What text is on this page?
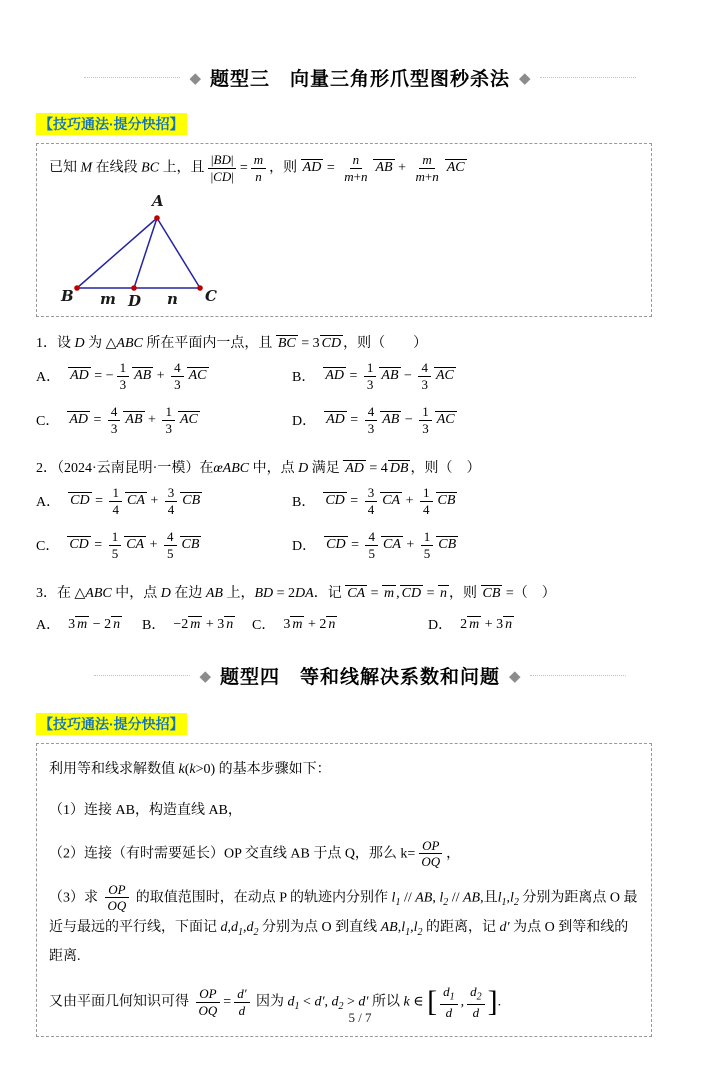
◆ 题型三　向量三角形爪型图秒杀法 ◆
【技巧通法·提分快招】
已知 M 在线段 BC 上，且 $\frac{|BD|}{|CD|} = \frac{m}{n}$ ，则 AD = $\frac{n}{m+n}$ AB + $\frac{m}{m+n}$ AC
A
B	C
D
m	n
1．设 D 为 △ABC 所在平面内一点，且 BC = 3 CD ，则（　　）
A． AD = − $\frac{1}{3}$ AB + $\frac{4}{3}$ AC	B． AD = $\frac{1}{3}$ AB − $\frac{4}{3}$ AC
C． AD = $\frac{4}{3}$ AB + $\frac{1}{3}$ AC	D． AD = $\frac{4}{3}$ AB − $\frac{1}{3}$ AC
2．（2024·云南昆明·一模）在œABC 中，点 D 满足 AD = 4 DB ，则（　）
A． CD = $\frac{1}{4}$ CA + $\frac{3}{4}$ CB	B． CD = $\frac{3}{4}$ CA + $\frac{1}{4}$ CB
C． CD = $\frac{1}{5}$ CA + $\frac{4}{5}$ CB	D． CD = $\frac{4}{5}$ CA + $\frac{1}{5}$ CB
3．在 △ABC 中，点 D 在边 AB 上，BD = 2DA．记 CA = m , CD = n ，则 CB =（　）
A． 3 m − 2 n B． −2 m + 3 n C． 3 m + 2 n	D． 2 m + 3 n
◆ 题型四　等和线解决系数和问题 ◆
【技巧通法·提分快招】

利用等和线求解数值 k(k>0) 的基本步骤如下：

（1）连接 AB，构造直线 AB，

（2）连接（有时需要延长）OP 交直线 AB 于点 Q，那么 $k= \frac{OP}{OQ}$ ，

（3）求 $\frac{OP}{OQ}$ 的取值范围时，在动点 P 的轨迹内分别作 $l_1$ // AB, $l_2$ // AB,且$l_1,l_2$ 分别为距离点 O 最近与最远的平行线，下面记 $d,d_1,d_2$ 分别为点 O 到直线 $AB,l_1,l_2$ 的距离，记 d′ 为点 O 到等和线的距离.

又由平面几何知识可得 $\frac{OP}{OQ} = \frac{d'}{d}$ 因为 $d_1 < d'$, $d_2 > d'$ 所以 k ∈ [ $\frac{d_1}{d}$ , $\frac{d_2}{d}$ ].

5 / 7
